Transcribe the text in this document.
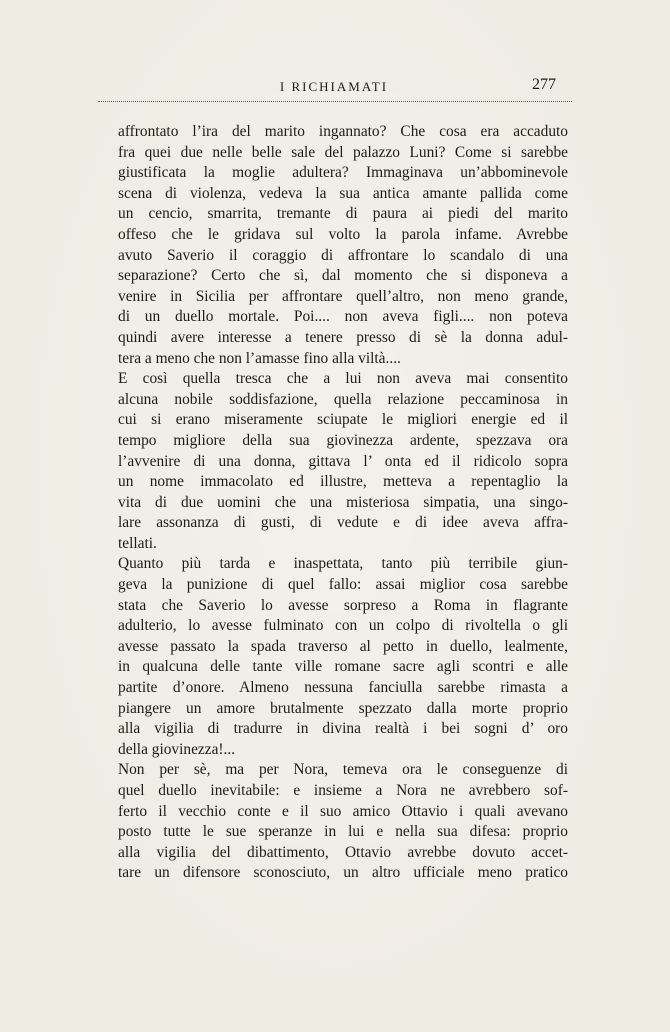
I RICHIAMATI	277
affrontato l’ira del marito ingannato? Che cosa era accaduto
fra quei due nelle belle sale del palazzo Luni? Come si sarebbe
giustificata la moglie adultera? Immaginava un’abbominevole
scena di violenza, vedeva la sua antica amante pallida come
un cencio, smarrita, tremante di paura ai piedi del marito
offeso che le gridava sul volto la parola infame. Avrebbe
avuto Saverio il coraggio di affrontare lo scandalo di una
separazione? Certo che sì, dal momento che si disponeva a
venire in Sicilia per affrontare quell’altro, non meno grande,
di un duello mortale. Poi.... non aveva figli.... non poteva
quindi avere interesse a tenere presso di sè la donna adul-
tera a meno che non l’amasse fino alla viltà....
E così quella tresca che a lui non aveva mai consentito
alcuna nobile soddisfazione, quella relazione peccaminosa in
cui si erano miseramente sciupate le migliori energie ed il
tempo migliore della sua giovinezza ardente, spezzava ora
l’avvenire di una donna, gittava l’ onta ed il ridicolo sopra
un nome immacolato ed illustre, metteva a repentaglio la
vita di due uomini che una misteriosa simpatia, una singo-
lare assonanza di gusti, di vedute e di idee aveva affra-
tellati.
Quanto più tarda e inaspettata, tanto più terribile giun-
geva la punizione di quel fallo: assai miglior cosa sarebbe
stata che Saverio lo avesse sorpreso a Roma in flagrante
adulterio, lo avesse fulminato con un colpo di rivoltella o gli
avesse passato la spada traverso al petto in duello, lealmente,
in qualcuna delle tante ville romane sacre agli scontri e alle
partite d’onore. Almeno nessuna fanciulla sarebbe rimasta a
piangere un amore brutalmente spezzato dalla morte proprio
alla vigilia di tradurre in divina realtà i bei sogni d’ oro
della giovinezza!...
Non per sè, ma per Nora, temeva ora le conseguenze di
quel duello inevitabile: e insieme a Nora ne avrebbero sof-
ferto il vecchio conte e il suo amico Ottavio i quali avevano
posto tutte le sue speranze in lui e nella sua difesa: proprio
alla vigilia del dibattimento, Ottavio avrebbe dovuto accet-
tare un difensore sconosciuto, un altro ufficiale meno pratico
